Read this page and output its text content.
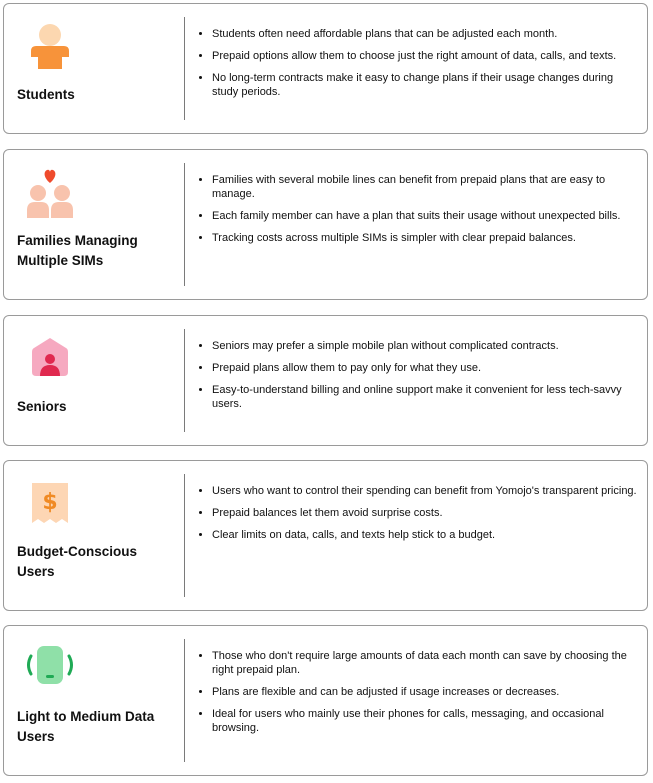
Students
• Students often need affordable plans that can be adjusted each month.
• Prepaid options allow them to choose just the right amount of data, calls, and texts.
• No long-term contracts make it easy to change plans if their usage changes during study periods.
Families Managing Multiple SIMs
• Families with several mobile lines can benefit from prepaid plans that are easy to manage.
• Each family member can have a plan that suits their usage without unexpected bills.
• Tracking costs across multiple SIMs is simpler with clear prepaid balances.
Seniors
• Seniors may prefer a simple mobile plan without complicated contracts.
• Prepaid plans allow them to pay only for what they use.
• Easy-to-understand billing and online support make it convenient for less tech-savvy users.
$
Budget-Conscious Users
• Users who want to control their spending can benefit from Yomojo's transparent pricing.
• Prepaid balances let them avoid surprise costs.
• Clear limits on data, calls, and texts help stick to a budget.
Light to Medium Data Users
• Those who don't require large amounts of data each month can save by choosing the right prepaid plan.
• Plans are flexible and can be adjusted if usage increases or decreases.
• Ideal for users who mainly use their phones for calls, messaging, and occasional browsing.
